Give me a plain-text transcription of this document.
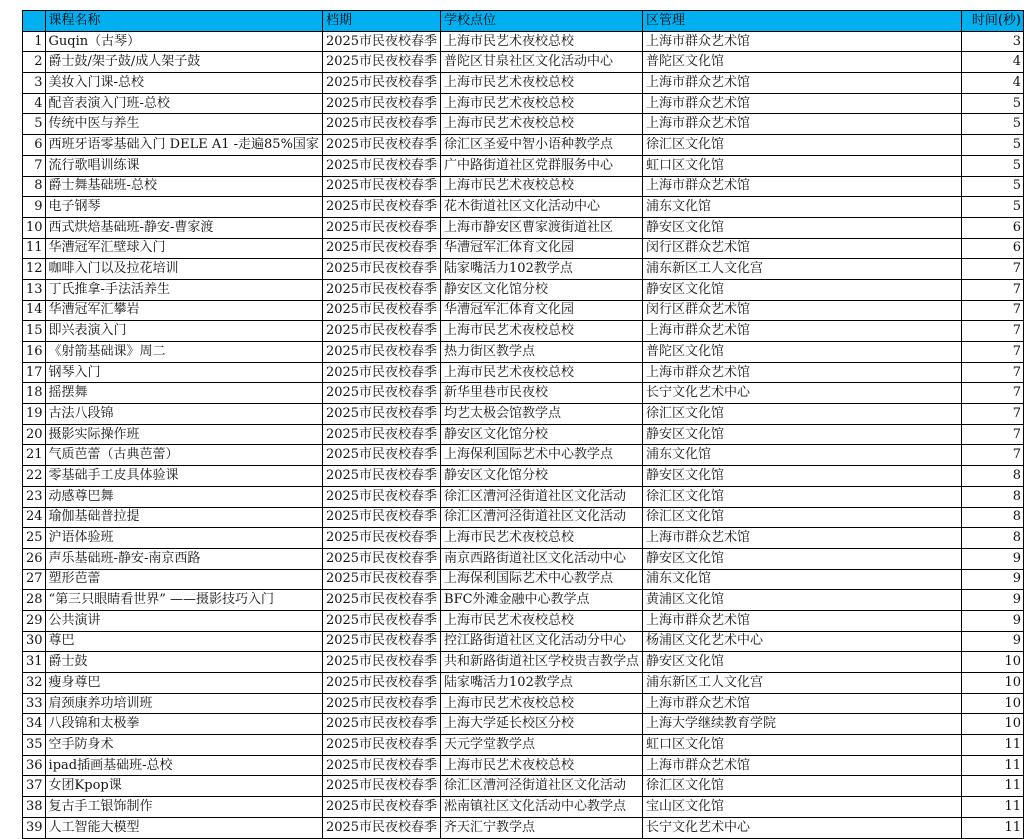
	课程名称	档期	学校点位	区管理	时间(秒)
1	Guqin（古琴）	2025市民夜校春季	上海市民艺术夜校总校	上海市群众艺术馆	3
2	爵士鼓/架子鼓/成人架子鼓	2025市民夜校春季	普陀区甘泉社区文化活动中心	普陀区文化馆	4
3	美妆入门课-总校	2025市民夜校春季	上海市民艺术夜校总校	上海市群众艺术馆	4
4	配音表演入门班-总校	2025市民夜校春季	上海市民艺术夜校总校	上海市群众艺术馆	5
5	传统中医与养生	2025市民夜校春季	上海市民艺术夜校总校	上海市群众艺术馆	5
6	西班牙语零基础入门 DELE A1 -走遍85%国家	2025市民夜校春季	徐汇区圣爱中智小语种教学点	徐汇区文化馆	5
7	流行歌唱训练课	2025市民夜校春季	广中路街道社区党群服务中心	虹口区文化馆	5
8	爵士舞基础班-总校	2025市民夜校春季	上海市民艺术夜校总校	上海市群众艺术馆	5
9	电子钢琴	2025市民夜校春季	花木街道社区文化活动中心	浦东文化馆	5
10	西式烘焙基础班-静安-曹家渡	2025市民夜校春季	上海市静安区曹家渡街道社区	静安区文化馆	6
11	华漕冠军汇壁球入门	2025市民夜校春季	华漕冠军汇体育文化园	闵行区群众艺术馆	6
12	咖啡入门以及拉花培训	2025市民夜校春季	陆家嘴活力102教学点	浦东新区工人文化宫	7
13	丁氏推拿-手法活养生	2025市民夜校春季	静安区文化馆分校	静安区文化馆	7
14	华漕冠军汇攀岩	2025市民夜校春季	华漕冠军汇体育文化园	闵行区群众艺术馆	7
15	即兴表演入门	2025市民夜校春季	上海市民艺术夜校总校	上海市群众艺术馆	7
16	《射箭基础课》周二	2025市民夜校春季	热力街区教学点	普陀区文化馆	7
17	钢琴入门	2025市民夜校春季	上海市民艺术夜校总校	上海市群众艺术馆	7
18	摇摆舞	2025市民夜校春季	新华里巷市民夜校	长宁文化艺术中心	7
19	古法八段锦	2025市民夜校春季	均艺太极会馆教学点	徐汇区文化馆	7
20	摄影实际操作班	2025市民夜校春季	静安区文化馆分校	静安区文化馆	7
21	气质芭蕾（古典芭蕾）	2025市民夜校春季	上海保利国际艺术中心教学点	浦东文化馆	7
22	零基础手工皮具体验课	2025市民夜校春季	静安区文化馆分校	静安区文化馆	8
23	动感尊巴舞	2025市民夜校春季	徐汇区漕河泾街道社区文化活动	徐汇区文化馆	8
24	瑜伽基础普拉提	2025市民夜校春季	徐汇区漕河泾街道社区文化活动	徐汇区文化馆	8
25	沪语体验班	2025市民夜校春季	上海市民艺术夜校总校	上海市群众艺术馆	8
26	声乐基础班-静安-南京西路	2025市民夜校春季	南京西路街道社区文化活动中心	静安区文化馆	9
27	塑形芭蕾	2025市民夜校春季	上海保利国际艺术中心教学点	浦东文化馆	9
28	“第三只眼睛看世界” ——摄影技巧入门	2025市民夜校春季	BFC外滩金融中心教学点	黄浦区文化馆	9
29	公共演讲	2025市民夜校春季	上海市民艺术夜校总校	上海市群众艺术馆	9
30	尊巴	2025市民夜校春季	控江路街道社区文化活动分中心	杨浦区文化艺术中心	9
31	爵士鼓	2025市民夜校春季	共和新路街道社区学校贵吉教学点	静安区文化馆	10
32	瘦身尊巴	2025市民夜校春季	陆家嘴活力102教学点	浦东新区工人文化宫	10
33	肩颈康养功培训班	2025市民夜校春季	上海市民艺术夜校总校	上海市群众艺术馆	10
34	八段锦和太极拳	2025市民夜校春季	上海大学延长校区分校	上海大学继续教育学院	10
35	空手防身术	2025市民夜校春季	天元学堂教学点	虹口区文化馆	11
36	ipad插画基础班-总校	2025市民夜校春季	上海市民艺术夜校总校	上海市群众艺术馆	11
37	女团Kpop课	2025市民夜校春季	徐汇区漕河泾街道社区文化活动	徐汇区文化馆	11
38	复古手工银饰制作	2025市民夜校春季	淞南镇社区文化活动中心教学点	宝山区文化馆	11
39	人工智能大模型	2025市民夜校春季	齐天汇宁教学点	长宁文化艺术中心	11
